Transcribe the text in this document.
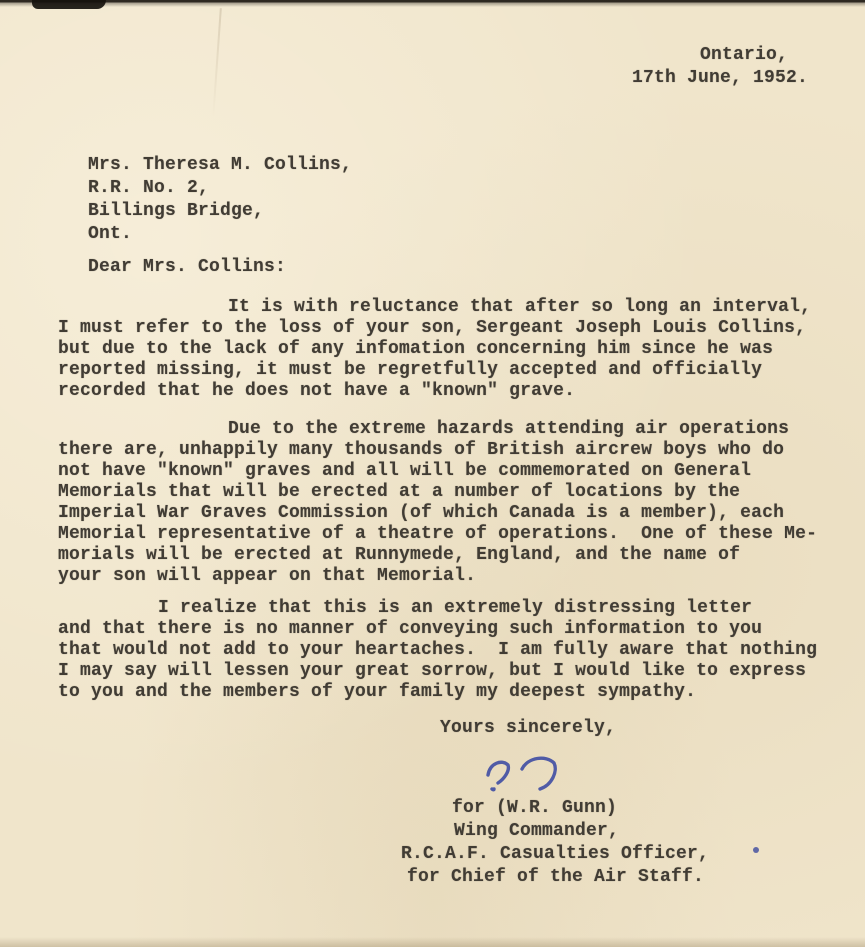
Ontario,
17th June, 1952.
Mrs. Theresa M. Collins,
R.R. No. 2,
Billings Bridge,
Ont.
Dear Mrs. Collins:
It is with reluctance that after so long an interval,
I must refer to the loss of your son, Sergeant Joseph Louis Collins,
but due to the lack of any infomation concerning him since he was
reported missing, it must be regretfully accepted and officially
recorded that he does not have a "known" grave.
Due to the extreme hazards attending air operations
there are, unhappily many thousands of British aircrew boys who do
not have "known" graves and all will be commemorated on General
Memorials that will be erected at a number of locations by the
Imperial War Graves Commission (of which Canada is a member), each
Memorial representative of a theatre of operations.  One of these Me-
morials will be erected at Runnymede, England, and the name of
your son will appear on that Memorial.
I realize that this is an extremely distressing letter
and that there is no manner of conveying such information to you
that would not add to your heartaches.  I am fully aware that nothing
I may say will lessen your great sorrow, but I would like to express
to you and the members of your family my deepest sympathy.
Yours sincerely,
for (W.R. Gunn)
Wing Commander,
R.C.A.F. Casualties Officer,
for Chief of the Air Staff.
